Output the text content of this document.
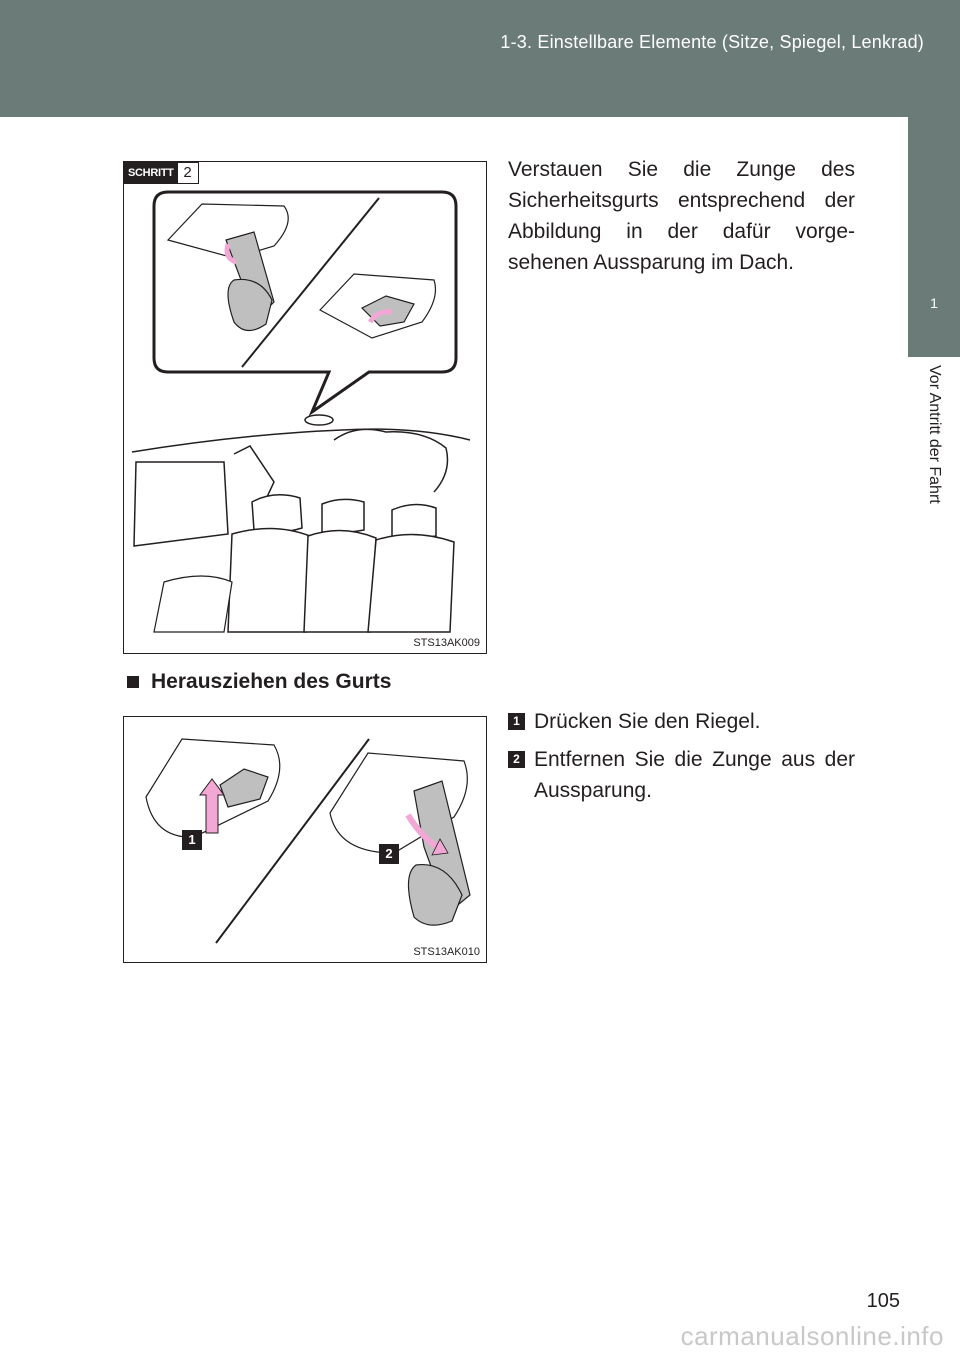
1-3. Einstellbare Elemente (Sitze, Spiegel, Lenkrad)
1
Vor Antritt der Fahrt
SCHRITT 2
STS13AK009
Verstauen Sie die Zunge des Sicherheitsgurts entsprechend der Abbildung in der dafür vorge-sehenen Aussparung im Dach.
Herausziehen des Gurts
1
2
STS13AK010
1 Drücken Sie den Riegel.
2 Entfernen Sie die Zunge aus der Aussparung.
105
carmanualsonline.info
